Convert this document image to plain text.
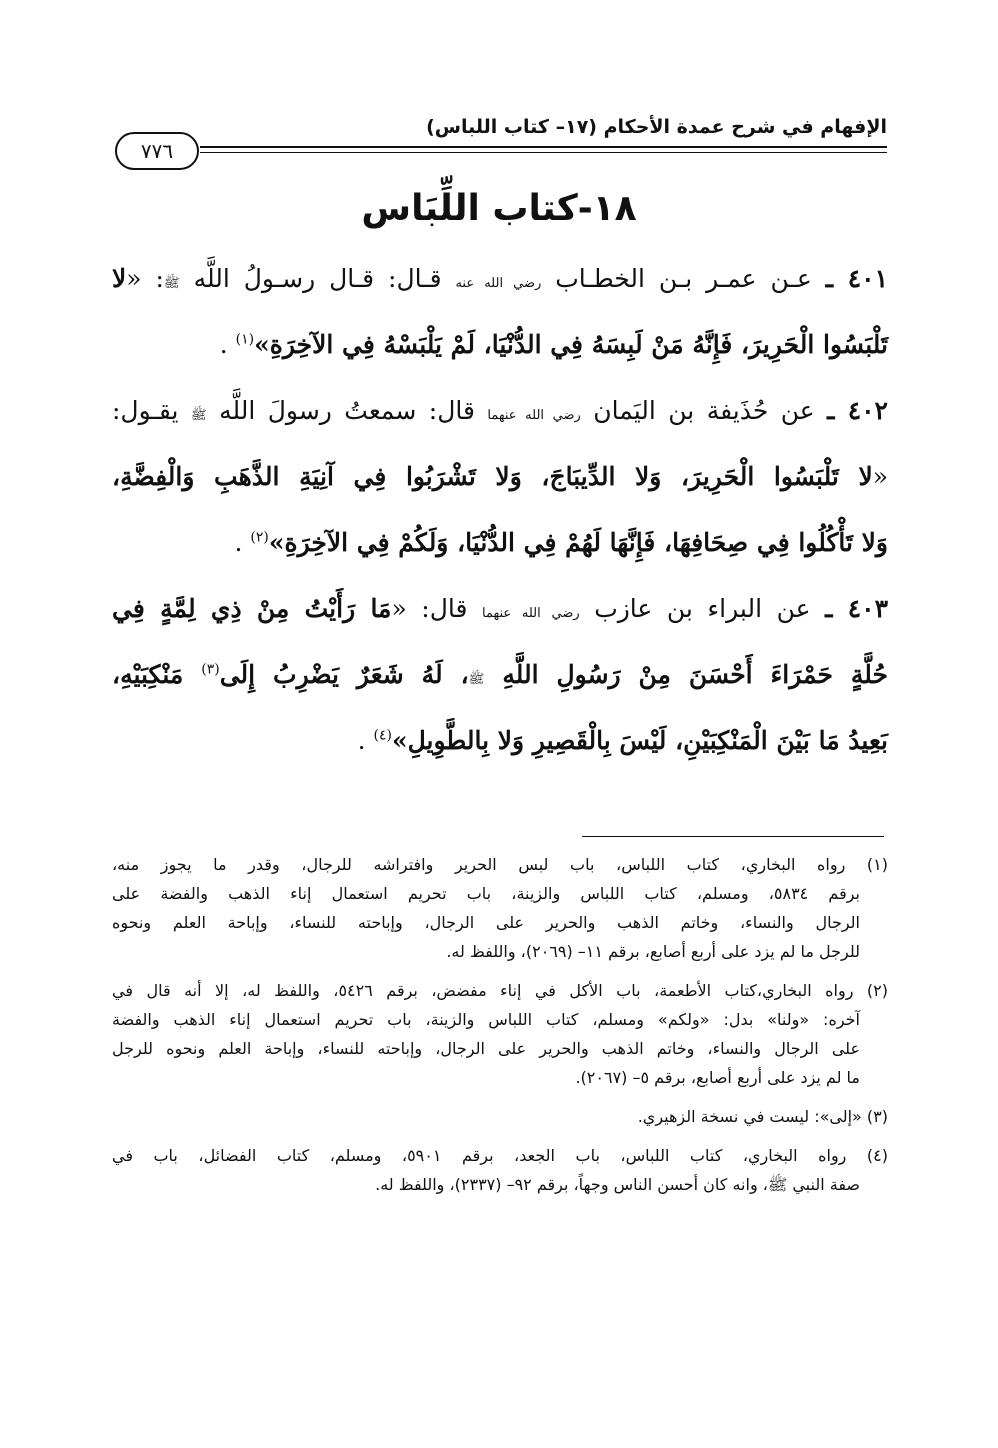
الإفهام في شرح عمدة الأحكام (١٧– كتاب اللباس)
٧٧٦
١٨-كتاب اللِّبَاس
٤٠١ ـ عـن عمـر بـن الخطـاب رضي الله عنه قـال: قـال رسـولُ اللَّه ﷺ: «لا
تَلْبَسُوا الْحَرِيرَ، فَإِنَّهُ مَنْ لَبِسَهُ فِي الدُّنْيَا، لَمْ يَلْبَسْهُ فِي الآخِرَةِ»$^{(١)}$ .
٤٠٢ ـ عن حُذَيفة بن اليَمان رضي الله عنهما قال: سمعتُ رسولَ اللَّه ﷺ يقـول:
«لا تَلْبَسُوا الْحَرِيرَ، وَلا الدِّيبَاجَ، وَلا تَشْرَبُوا فِي آنِيَةِ الذَّهَبِ وَالْفِضَّةِ،
وَلا تَأْكُلُوا فِي صِحَافِهَا، فَإِنَّهَا لَهُمْ فِي الدُّنْيَا، وَلَكُمْ فِي الآخِرَةِ»$^{(٢)}$ .
٤٠٣ ـ عن البراء بن عازب رضي الله عنهما قال: «مَا رَأَيْتُ مِنْ ذِي لِمَّةٍ فِي
حُلَّةٍ حَمْرَاءَ أَحْسَنَ مِنْ رَسُولِ اللَّهِ ﷺ، لَهُ شَعَرٌ يَضْرِبُ إِلَى$^{(٣)}$ مَنْكِبَيْهِ،
بَعِيدُ مَا بَيْنَ الْمَنْكِبَيْنِ، لَيْسَ بِالْقَصِيرِ وَلا بِالطَّوِيلِ»$^{(٤)}$ .
(١) رواه البخاري، كتاب اللباس، باب لبس الحرير وافتراشه للرجال، وقدر ما يجوز منه،
برقم ٥٨٣٤، ومسلم، كتاب اللباس والزينة، باب تحريم استعمال إناء الذهب والفضة على
الرجال والنساء، وخاتم الذهب والحرير على الرجال، وإباحته للنساء، وإباحة العلم ونحوه
للرجل ما لم يزد على أربع أصابع، برقم ١١– (٢٠٦٩)، واللفظ له.
(٢) رواه البخاري،كتاب الأطعمة، باب الأكل في إناء مفضض، برقم ٥٤٢٦، واللفظ له، إلا أنه قال في
آخره: «ولنا» بدل: «ولكم» ومسلم، كتاب اللباس والزينة، باب تحريم استعمال إناء الذهب والفضة
على الرجال والنساء، وخاتم الذهب والحرير على الرجال، وإباحته للنساء، وإباحة العلم ونحوه للرجل
ما لم يزد على أربع أصابع، برقم ٥– (٢٠٦٧).
(٣) «إلى»: ليست في نسخة الزهيري.
(٤) رواه البخاري، كتاب اللباس، باب الجعد، برقم ٥٩٠١، ومسلم، كتاب الفضائل، باب في
صفة النبي ﷺ، وانه كان أحسن الناس وجهاً، برقم ٩٢– (٢٣٣٧)، واللفظ له.
